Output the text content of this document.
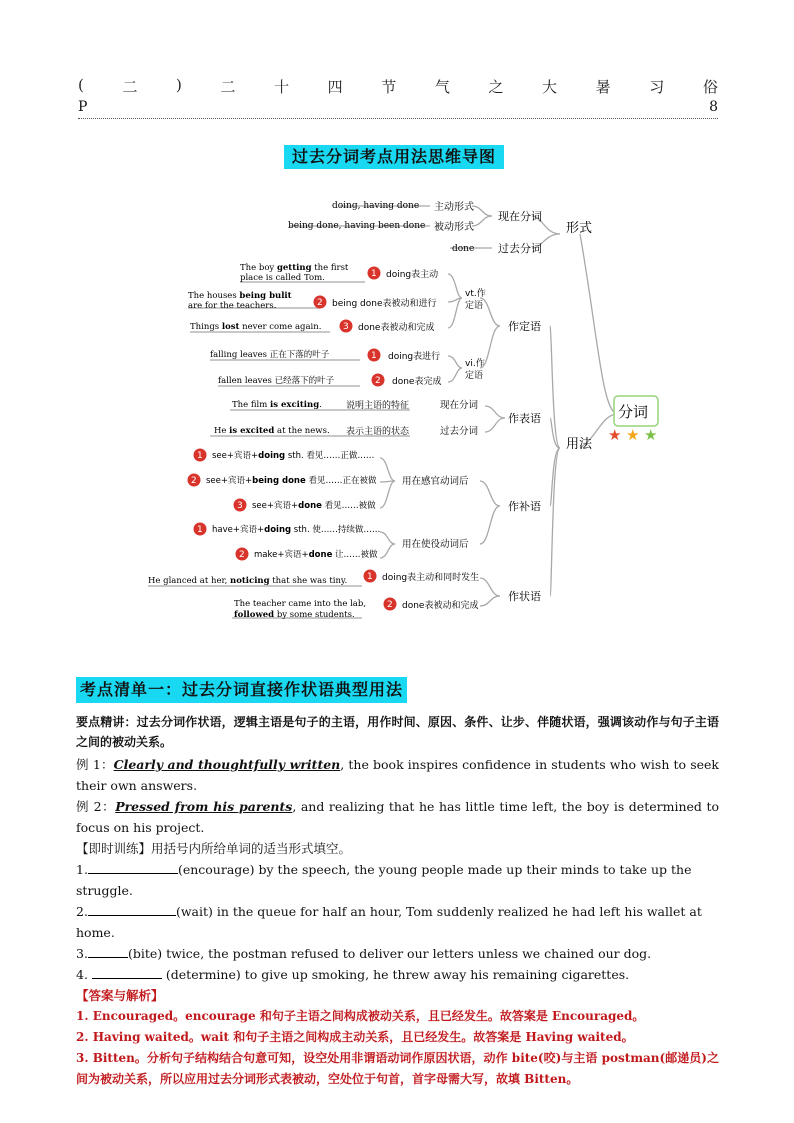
(	二	)	二	十	四	节	气	之	大	暑	习	俗
P	8
过去分词考点用法思维导图
分词
★ ★ ★
形式
现在分词
过去分词
主动形式
被动形式
doing, having done
being done, having been done
done
用法
作定语
vt.作
定语
vi.作
定语
1 doing表主动
The boy getting the first
place is called Tom.
2 being done表被动和进行
The houses being bulit
are for the teachers.
3 done表被动和完成
Things lost never come again.
1 doing表进行
falling leaves 正在下落的叶子
2 done表完成
fallen leaves 已经落下的叶子
作表语
The film is exciting.	说明主语的特征	现在分词
He is excited at the news. 表示主语的状态	过去分词
作补语
用在感官动词后
用在使役动词后
1 see+宾语+doing sth. 看见……正做……
2 see+宾语+being done 看见……正在被做
3 see+宾语+done 看见……被做
1 have+宾语+doing sth. 使……持续做……
2 make+宾语+done 让……被做
作状语
1 doing表主动和同时发生
He glanced at her, noticing that she was tiny.
2 done表被动和完成
The teacher came into the lab,
followed by some students.
考点清单一：过去分词直接作状语典型用法

要点精讲：过去分词作状语，逻辑主语是句子的主语，用作时间、原因、条件、让步、伴随状语，强调该动作与句子主语之间的被动关系。

例 1：Clearly and thoughtfully written, the book inspires confidence in students who wish to seek their own answers.

例 2：Pressed from his parents, and realizing that he has little time left, the boy is determined to focus on his project.

【即时训练】用括号内所给单词的适当形式填空。

1.	(encourage) by the speech, the young people made up their minds to take up the struggle.

2.	(wait) in the queue for half an hour, Tom suddenly realized he had left his wallet at home.

3.	(bite) twice, the postman refused to deliver our letters unless we chained our dog.

4.	(determine) to give up smoking, he threw away his remaining cigarettes.

【答案与解析】

1. Encouraged。encourage 和句子主语之间构成被动关系，且已经发生。故答案是 Encouraged。

2. Having waited。wait 和句子主语之间构成主动关系，且已经发生。故答案是 Having waited。

3. Bitten。分析句子结构结合句意可知，设空处用非谓语动词作原因状语，动作 bite(咬)与主语 postman(邮递员)之间为被动关系，所以应用过去分词形式表被动，空处位于句首，首字母需大写，故填 Bitten。
